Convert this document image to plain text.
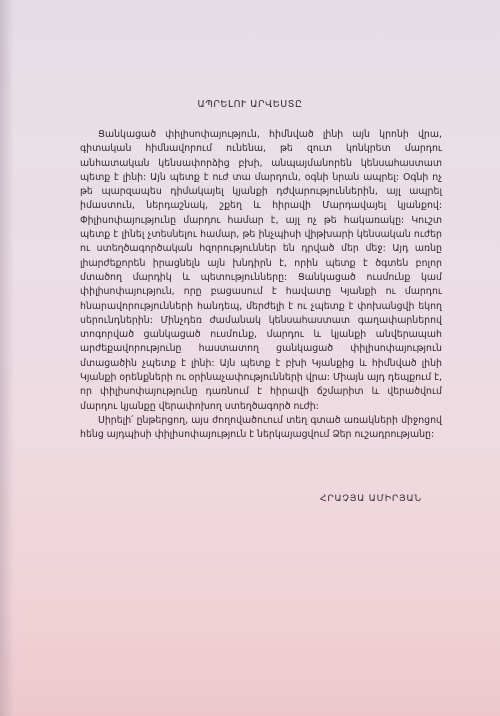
ԱՊՐԵԼՈՒ ԱՐՎԵՍՏԸ

Ցանկացած փիլիսոփայություն, հիմնված լինի այն կրոնի վրա, գիտական հիմնավորում ունենա, թե զուտ կոնկրետ մարդու անհատական կենսափորձից բխի, անպայմանորեն կենսահաստատ պետք է լինի: Այն պետք է ուժ տա մարդուն, օգնի նրան ապրել: Օգնի ոչ թե պարզապես դիմակայել կյանքի դժվարություններին, այլ ապրել իմաստուն, ներդաշնակ, շքեղ և հիրավի Մարդավայել կյանքով: Փիլիսոփայությունը մարդու համար է, այլ ոչ թե հակառակը: Կուշտ պետք է լինել չտեսնելու համար, թե ինչպիսի վիթխարի կենսական ուժեր ու ստեղծագործական հզորություններ են դրված մեր մեջ: Այդ առնը լիարժեքորեն իրացնելն այն խնդիրն է, որին պետք է ծգտեն բոլոր մտածող մարդիկ և պետությունները: Ցանկացած ուսմունք կամ փիլիսոփայություն, որը բացասում է հավատը Կյանքի ու մարդու հնարավորությունների հանդեպ, մերժելի է ու չպետք է փոխանցվի եկող սերունդներին: Մինչդեռ ժամանակ կենսահաստատ գաղափարներով տոգորված ցանկացած ուսմունք, մարդու և կյանքի անվերապահ արժեքավորությունը հաստատող ցանկացած փիլիսոփայություն մտացածին չպետք է լինի: Այն պետք է բխի Կյանքից և հիմնված լինի Կյանքի օրենքների ու օրինաչափությունների վրա: Միայն այդ դեպքում է, որ փիլիսոփայությունը դառնում է հիրավի ճշմարիտ և վերածվում մարդու կյանքը վերափոխող ստեղծագործ ուժի:

Սիրելի՛ ընթերցող, այս ժողովածուում տեղ գտած առակների միջոցով հենց այդպիսի փիլիսոփայություն է ներկայացվում Ձեր ուշադրությանը:

ՀՐԱՉՅԱ ԱՄԻՐՅԱՆ
